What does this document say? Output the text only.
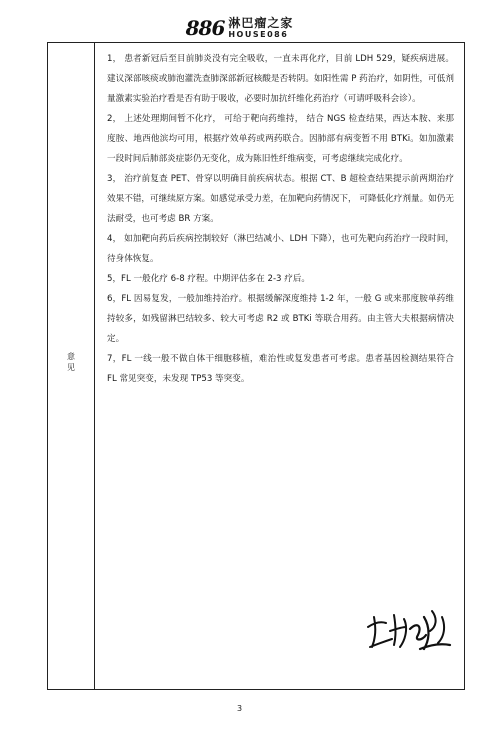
886 淋巴瘤之家
HOUSE086
意见

1， 患者新冠后至目前肺炎没有完全吸收，一直未再化疗，目前 LDH 529，疑疾病进展。建议深部咳痰或肺泡灌洗查肺深部新冠核酸是否转阴。如阳性需 P 药治疗，如阴性，可低剂量激素实验治疗看是否有助于吸收，必要时加抗纤维化药治疗（可请呼吸科会诊）。

2， 上述处理期间暂不化疗， 可给于靶向药维持， 结合 NGS 检查结果，西达本胺、来那度胺、地西他滨均可用，根据疗效单药或两药联合。因肺部有病变暂不用 BTKi。如加激素一段时间后肺部炎症影仍无变化，成为陈旧性纤维病变，可考虑继续完成化疗。

3， 治疗前复查 PET、骨穿以明确目前疾病状态。根据 CT、B 超检查结果提示前两期治疗效果不错，可继续原方案。如感觉承受力差，在加靶向药情况下， 可降低化疗剂量。如仍无法耐受，也可考虑 BR 方案。

4， 如加靶向药后疾病控制较好（淋巴结减小、LDH 下降），也可先靶向药治疗一段时间，待身体恢复。

5，FL 一般化疗 6-8 疗程。中期评估多在 2-3 疗后。

6，FL 因易复发，一般加维持治疗。根据缓解深度维持 1-2 年，一般 G 或来那度胺单药维持较多，如残留淋巴结较多、较大可考虑 R2 或 BTKi 等联合用药。由主管大夫根据病情决定。

7，FL 一线一般不做自体干细胞移植，难治性或复发患者可考虑。患者基因检测结果符合 FL 常见突变，未发现 TP53 等突变。

3
